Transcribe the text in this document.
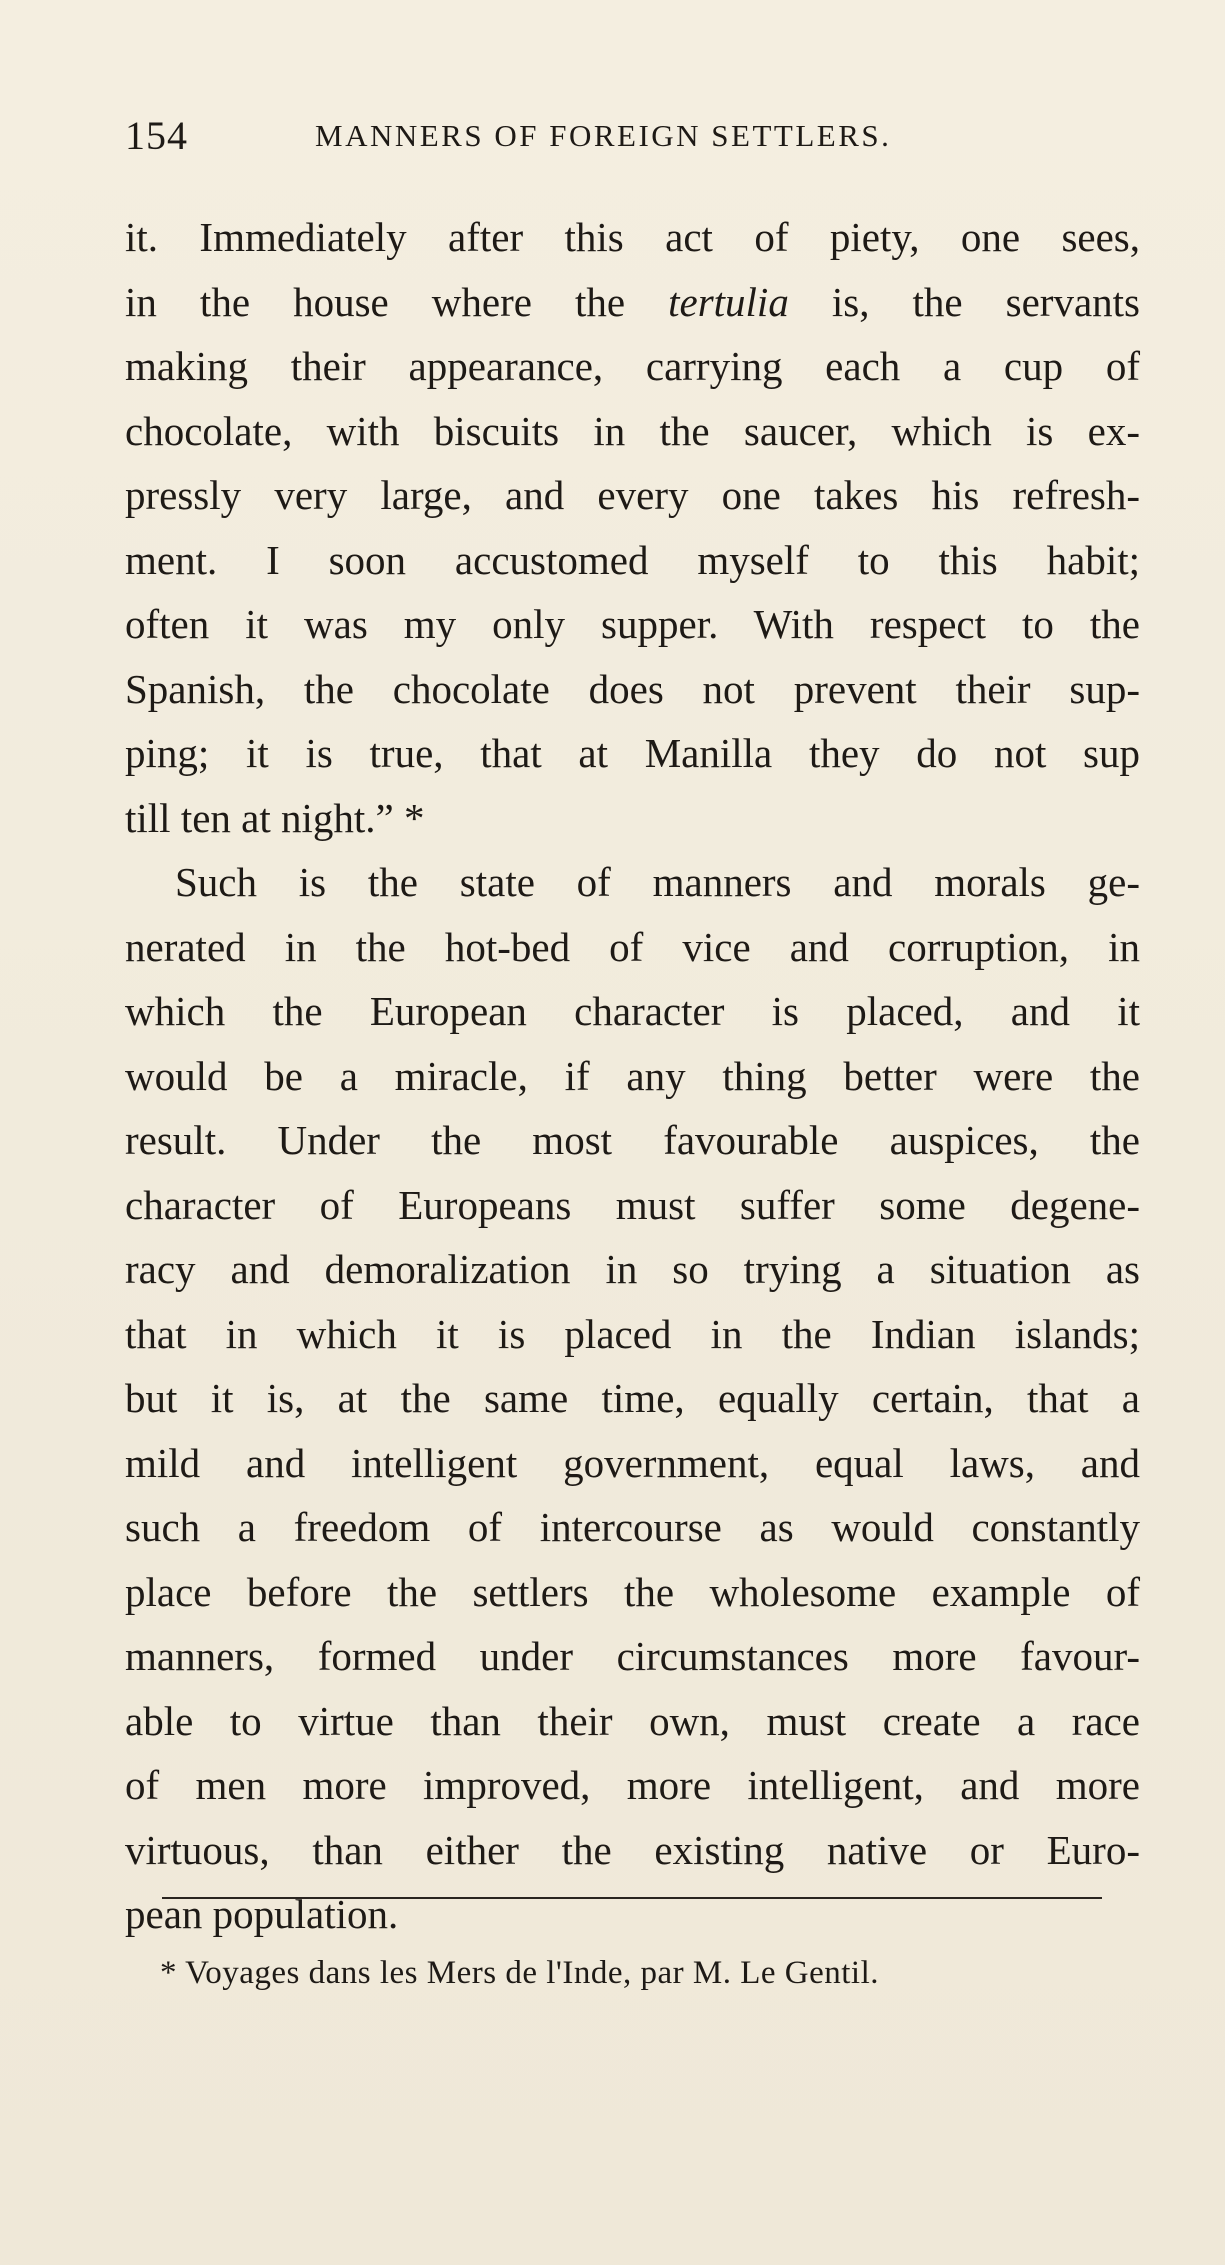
154	MANNERS OF FOREIGN SETTLERS.
it. Immediately after this act of piety, one sees,
in the house where the tertulia is, the servants
making their appearance, carrying each a cup of
chocolate, with biscuits in the saucer, which is ex-
pressly very large, and every one takes his refresh-
ment. I soon accustomed myself to this habit;
often it was my only supper. With respect to the
Spanish, the chocolate does not prevent their sup-
ping; it is true, that at Manilla they do not sup
till ten at night.” *
Such is the state of manners and morals ge-
nerated in the hot-bed of vice and corruption, in
which the European character is placed, and it
would be a miracle, if any thing better were the
result. Under the most favourable auspices, the
character of Europeans must suffer some degene-
racy and demoralization in so trying a situation as
that in which it is placed in the Indian islands;
but it is, at the same time, equally certain, that a
mild and intelligent government, equal laws, and
such a freedom of intercourse as would constantly
place before the settlers the wholesome example of
manners, formed under circumstances more favour-
able to virtue than their own, must create a race
of men more improved, more intelligent, and more
virtuous, than either the existing native or Euro-
pean population.
* Voyages dans les Mers de l'Inde, par M. Le Gentil.
